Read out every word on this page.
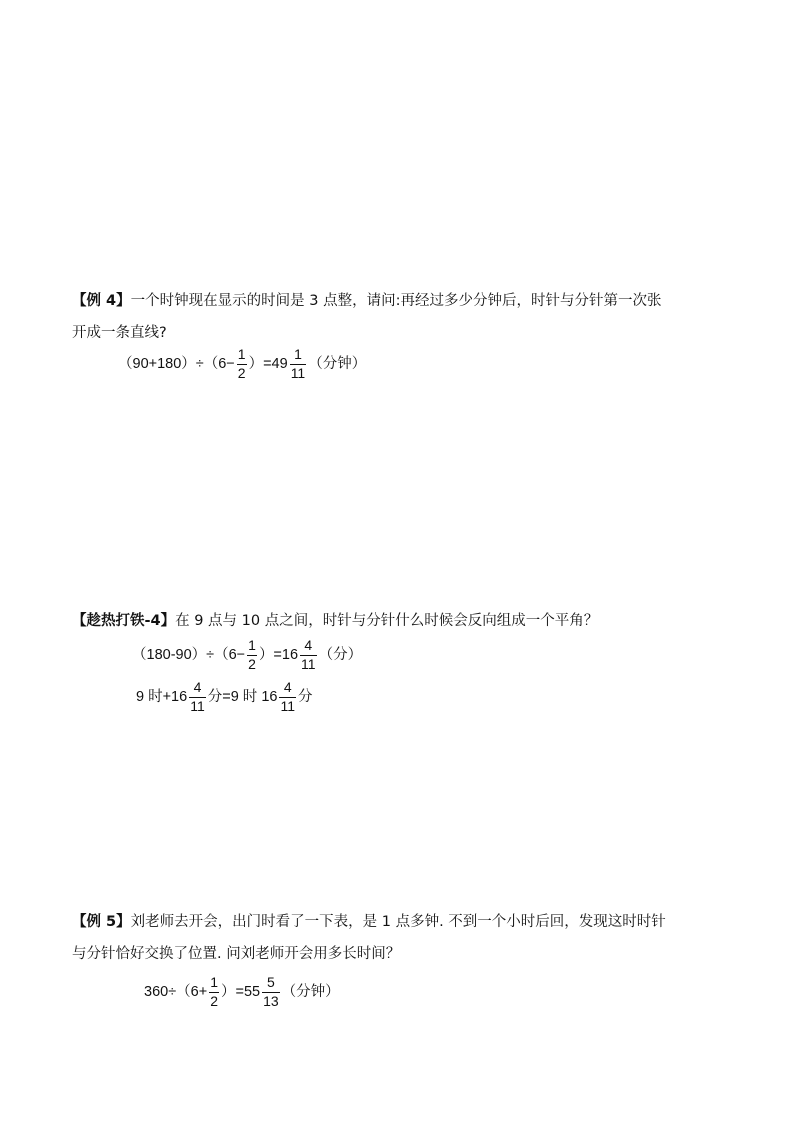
【例 4】一个时钟现在显示的时间是 3 点整，请问:再经过多少分钟后，时针与分针第一次张
开成一条直线?
$(90+180)\div(6- \frac{1}{2} )=49 \frac{1}{11}$ （分钟）
【趁热打铁-4】在 9 点与 10 点之间，时针与分针什么时候会反向组成一个平角？
$(180-90)\div(6- \frac{1}{2} )=16 \frac{4}{11}$ （分）
9 时$+16 \frac{4}{11}$ 分=9 时 $16 \frac{4}{11}$ 分
【例 5】刘老师去开会，出门时看了一下表，是 1 点多钟. 不到一个小时后回，发现这时时针
与分针恰好交换了位置. 问刘老师开会用多长时间？
$360\div(6+ \frac{1}{2} )=55 \frac{5}{13}$ （分钟）
